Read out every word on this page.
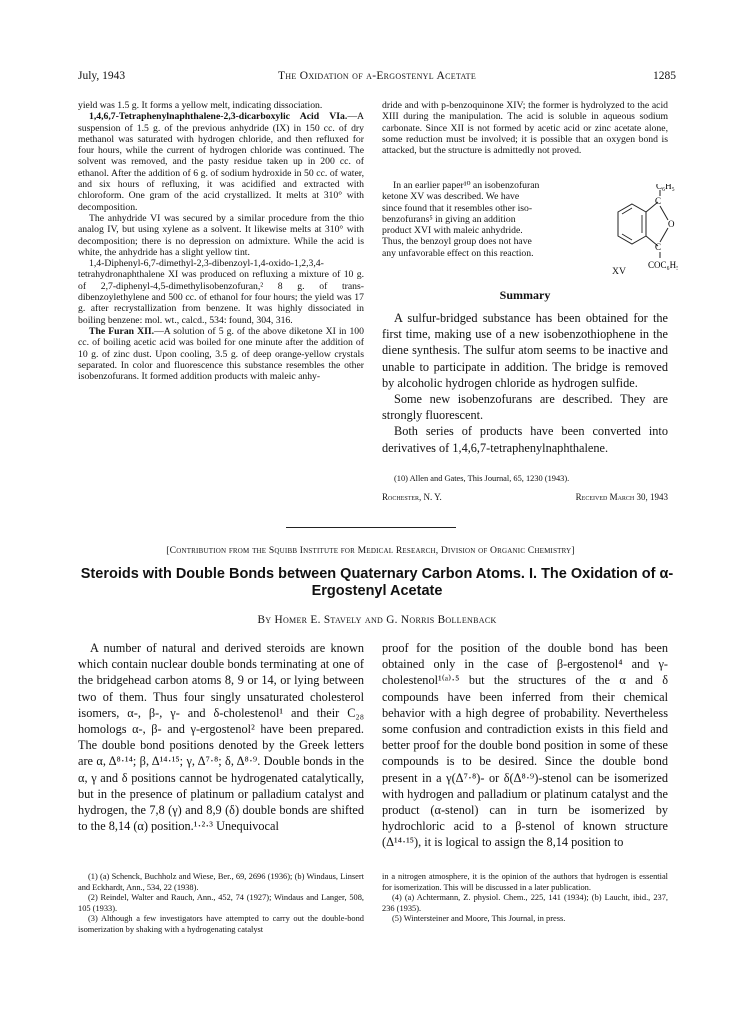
July, 1943	The Oxidation of α-Ergostenyl Acetate	1285

yield was 1.5 g. It forms a yellow melt, indicating dissociation.

1,4,6,7-Tetraphenylnaphthalene-2,3-dicarboxylic Acid VIa.—A suspension of 1.5 g. of the previous anhydride (IX) in 150 cc. of dry methanol was saturated with hydrogen chloride, and then refluxed for four hours, while the current of hydrogen chloride was continued. The solvent was removed, and the pasty residue taken up in 200 cc. of ethanol. After the addition of 6 g. of sodium hydroxide in 50 cc. of water, and six hours of refluxing, it was acidified and extracted with chloroform. One gram of the acid crystallized. It melts at 310° with decomposition.

The anhydride VI was secured by a similar procedure from the thio analog IV, but using xylene as a solvent. It likewise melts at 310° with decomposition; there is no depression on admixture. While the acid is white, the anhydride has a slight yellow tint.

1,4-Diphenyl-6,7-dimethyl-2,3-dibenzoyl-1,4-oxido-1,2,3,4-tetrahydronaphthalene XI was produced on refluxing a mixture of 10 g. of 2,7-diphenyl-4,5-dimethylisobenzofuran,² 8 g. of trans-dibenzoylethylene and 500 cc. of ethanol for four hours; the yield was 17 g. after recrystallization from benzene. It was highly dissociated in boiling benzene: mol. wt., calcd., 534: found, 304, 316.

The Furan XII.—A solution of 5 g. of the above diketone XI in 100 cc. of boiling acetic acid was boiled for one minute after the addition of 10 g. of zinc dust. Upon cooling, 3.5 g. of deep orange-yellow crystals separated. In color and fluorescence this substance resembles the other isobenzofurans. It formed addition products with maleic anhy-

dride and with p-benzoquinone XIV; the former is hydrolyzed to the acid XIII during the manipulation. The acid is soluble in aqueous sodium carbonate. Since XII is not formed by acetic acid or zinc acetate alone, some reduction must be involved; it is possible that an oxygen bond is attacked, but the structure is admittedly not proved.

In an earlier paper¹⁰ an isobenzofuran
ketone XV was described. We have
since found that it resembles other iso-
benzofurans⁵ in giving an addition
product XVI with maleic anhydride.
Thus, the benzoyl group does not have
any unfavorable effect on this reaction.
C₆H₅
C
O
C
COC₆H₅
XV
Summary

A sulfur-bridged substance has been obtained for the first time, making use of a new isobenzothiophene in the diene synthesis. The sulfur atom seems to be inactive and unable to participate in addition. The bridge is removed by alcoholic hydrogen chloride as hydrogen sulfide.

Some new isobenzofurans are described. They are strongly fluorescent.

Both series of products have been converted into derivatives of 1,4,6,7-tetraphenylnaphthalene.

(10) Allen and Gates, This Journal, 65, 1230 (1943).
Rochester, N. Y.	Received March 30, 1943
[Contribution from the Squibb Institute for Medical Research, Division of Organic Chemistry]
Steroids with Double Bonds between Quaternary Carbon Atoms. I. The Oxidation of α-Ergostenyl Acetate
By Homer E. Stavely and G. Norris Bollenback

A number of natural and derived steroids are known which contain nuclear double bonds terminating at one of the bridgehead carbon atoms 8, 9 or 14, or lying between two of them. Thus four singly unsaturated cholesterol isomers, α-, β-, γ- and δ-cholestenol¹ and their C₂₈ homologs α-, β- and γ-ergostenol² have been prepared. The double bond positions denoted by the Greek letters are α, Δ⁸·¹⁴; β, Δ¹⁴·¹⁵; γ, Δ⁷·⁸; δ, Δ⁸·⁹. Double bonds in the α, γ and δ positions cannot be hydrogenated catalytically, but in the presence of platinum or palladium catalyst and hydrogen, the 7,8 (γ) and 8,9 (δ) double bonds are shifted to the 8,14 (α) position.¹·²·³ Unequivocal

proof for the position of the double bond has been obtained only in the case of β-ergostenol⁴ and γ-cholestenol¹⁽ᵃ⁾·⁵ but the structures of the α and δ compounds have been inferred from their chemical behavior with a high degree of probability. Nevertheless some confusion and contradiction exists in this field and better proof for the double bond position in some of these compounds is to be desired. Since the double bond present in a γ(Δ⁷·⁸)- or δ(Δ⁸·⁹)-stenol can be isomerized with hydrogen and palladium or platinum catalyst and the product (α-stenol) can in turn be isomerized by hydrochloric acid to a β-stenol of known structure (Δ¹⁴·¹⁵), it is logical to assign the 8,14 position to

(1) (a) Schenck, Buchholz and Wiese, Ber., 69, 2696 (1936); (b) Windaus, Linsert and Eckhardt, Ann., 534, 22 (1938).

(2) Reindel, Walter and Rauch, Ann., 452, 74 (1927); Windaus and Langer, 508, 105 (1933).

(3) Although a few investigators have attempted to carry out the double-bond isomerization by shaking with a hydrogenating catalyst

in a nitrogen atmosphere, it is the opinion of the authors that hydrogen is essential for isomerization. This will be discussed in a later publication.

(4) (a) Achtermann, Z. physiol. Chem., 225, 141 (1934); (b) Laucht, ibid., 237, 236 (1935).

(5) Wintersteiner and Moore, This Journal, in press.
